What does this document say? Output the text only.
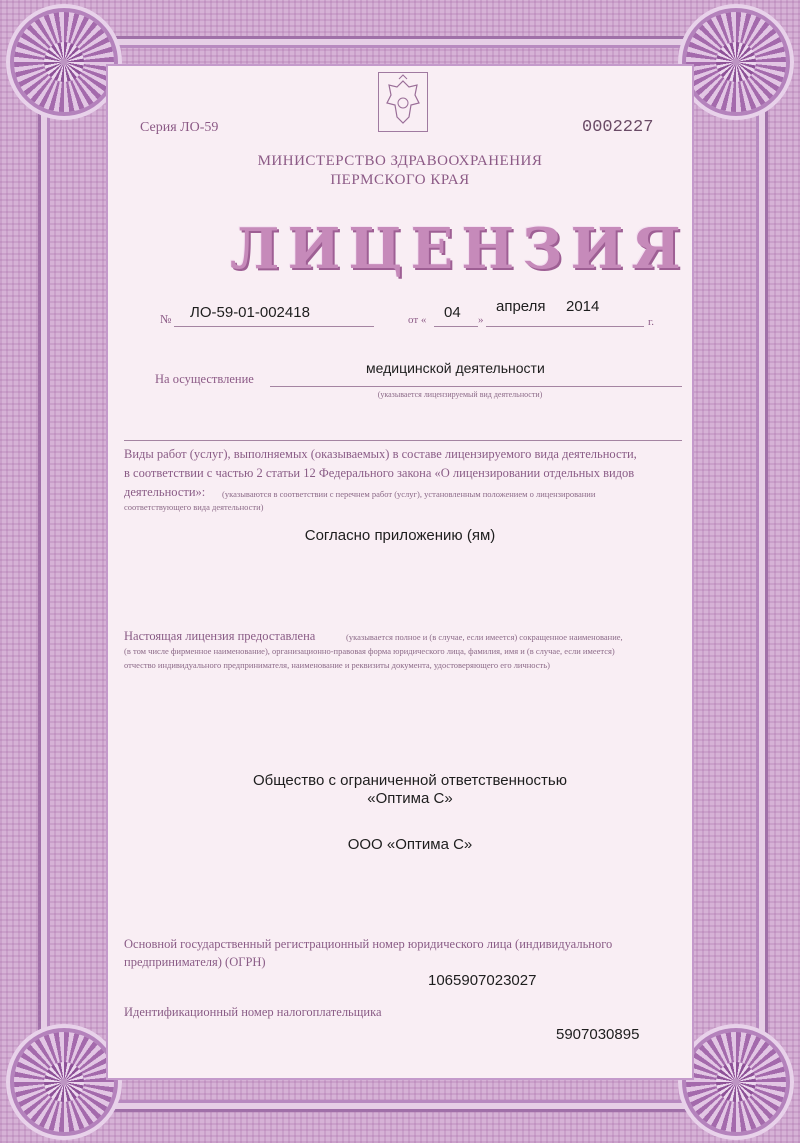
Серия ЛО-59	0002227
МИНИСТЕРСТВО ЗДРАВООХРАНЕНИЯ
ПЕРМСКОГО КРАЯ
ЛИЦЕНЗИЯ
№ ЛО-59-01-002418	от « 04 »
апреля 2014
г.
На осуществление
медицинской деятельности
(указывается лицензируемый вид деятельности)
Виды работ (услуг), выполняемых (оказываемых) в составе лицензируемого вида деятельности,
в соответствии с частью 2 статьи 12 Федерального закона «О лицензировании отдельных видов
деятельности»: (указываются в соответствии с перечнем работ (услуг), установленным положением о лицензировании
соответствующего вида деятельности)
Согласно приложению (ям)
Настоящая лицензия предоставлена	(указывается полное и (в случае, если имеется) сокращенное наименование,
(в том числе фирменное наименование), организационно-правовая форма юридического лица, фамилия, имя и (в случае, если имеется)
отчество индивидуального предпринимателя, наименование и реквизиты документа, удостоверяющего его личность)
Общество с ограниченной ответственностью
«Оптима С»
ООО «Оптима С»
Основной государственный регистрационный номер юридического лица (индивидуального
предпринимателя) (ОГРН)
1065907023027
Идентификационный номер налогоплательщика
5907030895
